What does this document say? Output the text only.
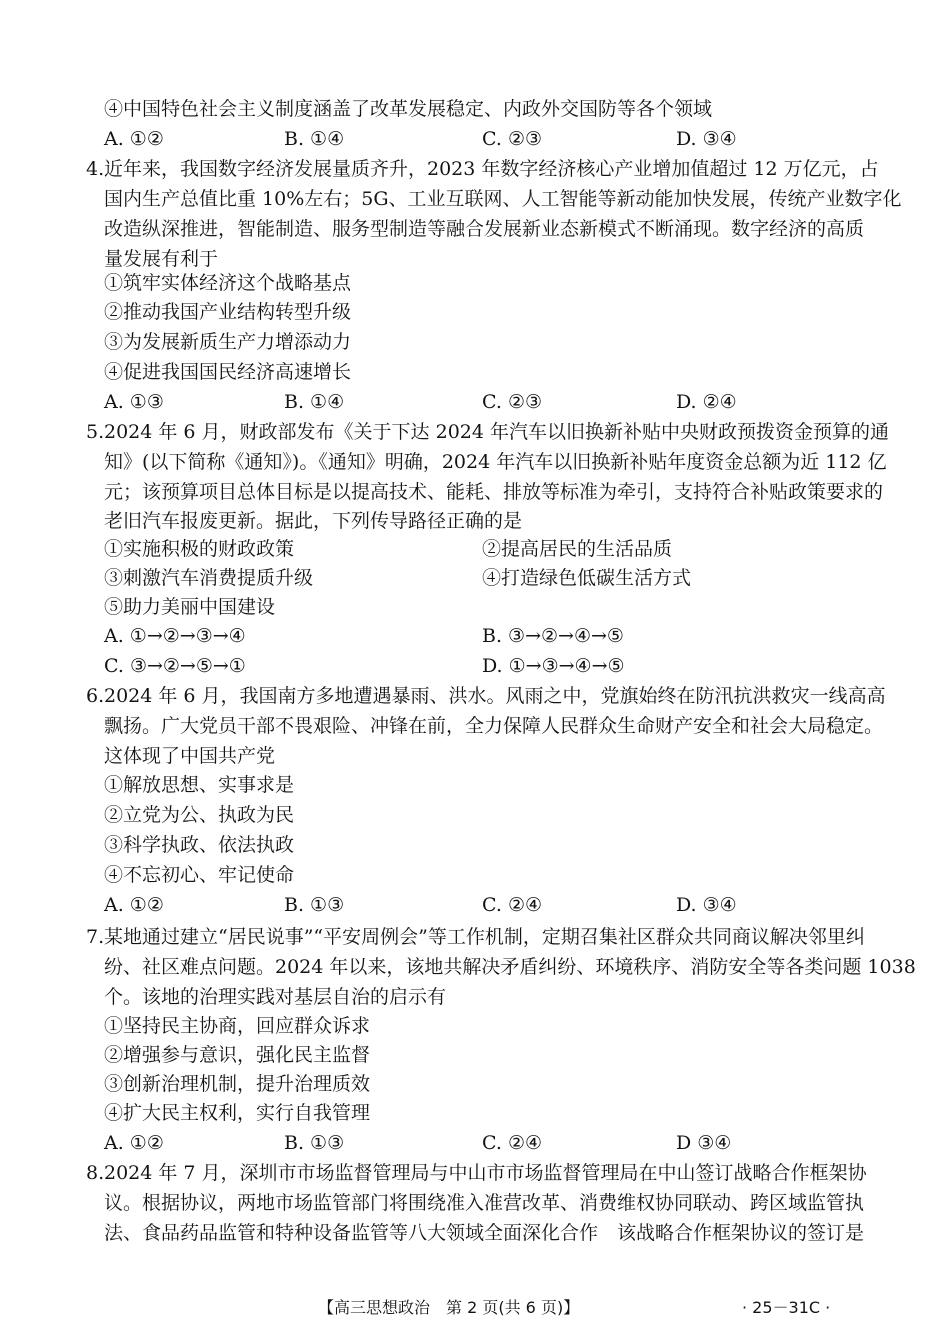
④中国特色社会主义制度涵盖了改革发展稳定、内政外交国防等各个领域
A. ①②	B. ①④	C. ②③	D. ③④
4. 近年来，我国数字经济发展量质齐升，2023 年数字经济核心产业增加值超过 12 万亿元，占
国内生产总值比重 10%左右；5G、工业互联网、人工智能等新动能加快发展，传统产业数字化
改造纵深推进，智能制造、服务型制造等融合发展新业态新模式不断涌现。数字经济的高质
量发展有利于
①筑牢实体经济这个战略基点
②推动我国产业结构转型升级
③为发展新质生产力增添动力
④促进我国国民经济高速增长
A. ①③	B. ①④	C. ②③	D. ②④
5. 2024 年 6 月，财政部发布《关于下达 2024 年汽车以旧换新补贴中央财政预拨资金预算的通
知》(以下简称《通知》)。《通知》明确，2024 年汽车以旧换新补贴年度资金总额为近 112 亿
元；该预算项目总体目标是以提高技术、能耗、排放等标准为牵引，支持符合补贴政策要求的
老旧汽车报废更新。据此，下列传导路径正确的是
①实施积极的财政政策	②提高居民的生活品质
③刺激汽车消费提质升级	④打造绿色低碳生活方式
⑤助力美丽中国建设
A. ①→②→③→④	B. ③→②→④→⑤
C. ③→②→⑤→①	D. ①→③→④→⑤
6. 2024 年 6 月，我国南方多地遭遇暴雨、洪水。风雨之中，党旗始终在防汛抗洪救灾一线高高
飘扬。广大党员干部不畏艰险、冲锋在前，全力保障人民群众生命财产安全和社会大局稳定。
这体现了中国共产党
①解放思想、实事求是
②立党为公、执政为民
③科学执政、依法执政
④不忘初心、牢记使命
A. ①②	B. ①③	C. ②④	D. ③④
7. 某地通过建立“居民说事”“平安周例会”等工作机制，定期召集社区群众共同商议解决邻里纠
纷、社区难点问题。2024 年以来，该地共解决矛盾纠纷、环境秩序、消防安全等各类问题 1038
个。该地的治理实践对基层自治的启示有
①坚持民主协商，回应群众诉求
②增强参与意识，强化民主监督
③创新治理机制，提升治理质效
④扩大民主权利，实行自我管理
A. ①②	B. ①③	C. ②④	D ③④
8. 2024 年 7 月，深圳市市场监督管理局与中山市市场监督管理局在中山签订战略合作框架协
议。根据协议，两地市场监管部门将围绕准入准营改革、消费维权协同联动、跨区域监管执
法、食品药品监管和特种设备监管等八大领域全面深化合作　该战略合作框架协议的签订是
【高三思想政治　第 2 页(共 6 页)】	· 25－31C ·
